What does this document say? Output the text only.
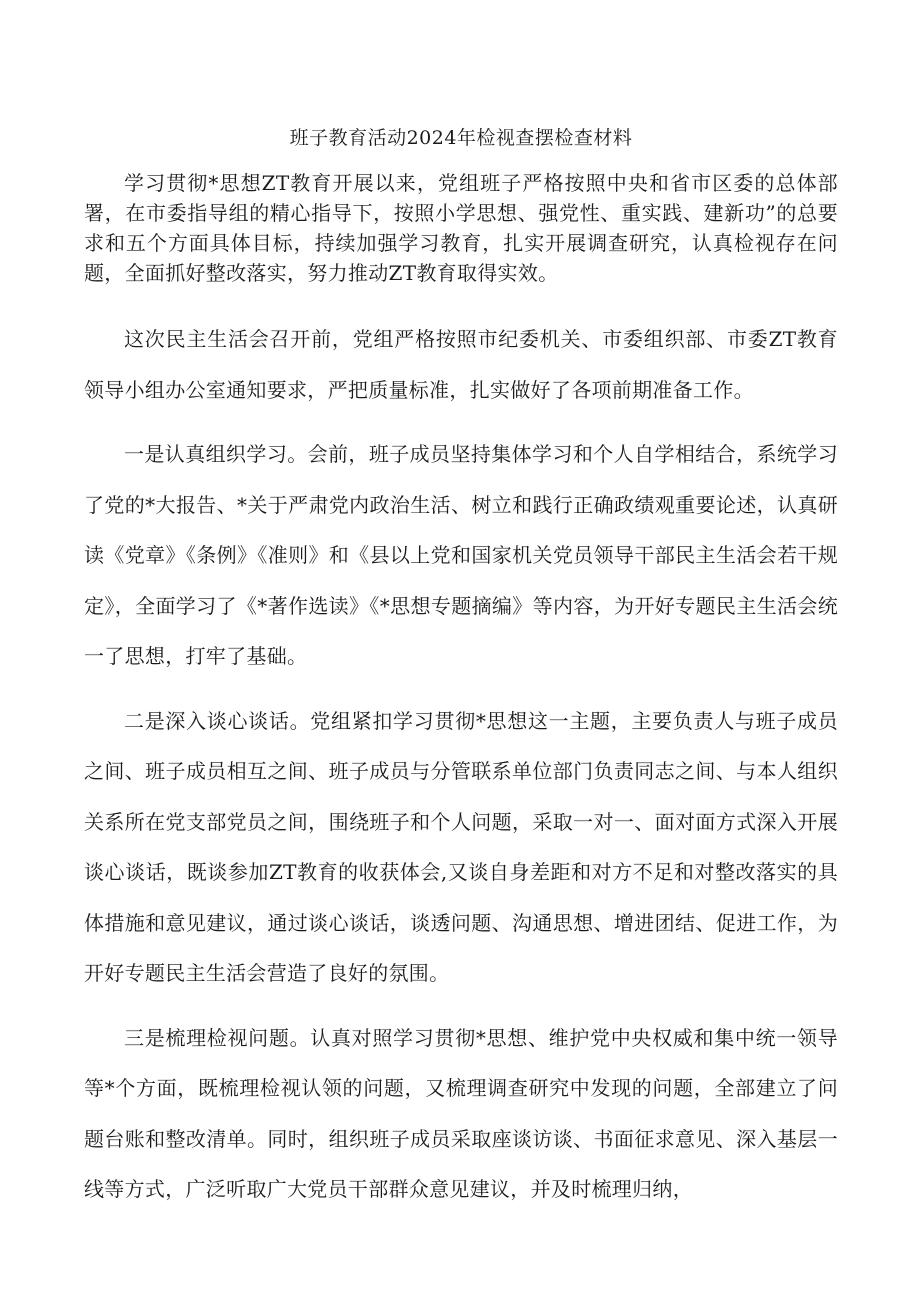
班子教育活动2024年检视查摆检查材料

学习贯彻*思想ZT教育开展以来，党组班子严格按照中央和省市区委的总体部署，在市委指导组的精心指导下，按照小学思想、强党性、重实践、建新功”的总要求和五个方面具体目标，持续加强学习教育，扎实开展调查研究，认真检视存在问题，全面抓好整改落实，努力推动ZT教育取得实效。

这次民主生活会召开前，党组严格按照市纪委机关、市委组织部、市委ZT教育领导小组办公室通知要求，严把质量标准，扎实做好了各项前期准备工作。

一是认真组织学习。会前，班子成员坚持集体学习和个人自学相结合，系统学习了党的*大报告、*关于严肃党内政治生活、树立和践行正确政绩观重要论述，认真研读《党章》《条例》《准则》和《县以上党和国家机关党员领导干部民主生活会若干规定》，全面学习了《*著作选读》《*思想专题摘编》等内容，为开好专题民主生活会统一了思想，打牢了基础。

二是深入谈心谈话。党组紧扣学习贯彻*思想这一主题，主要负责人与班子成员之间、班子成员相互之间、班子成员与分管联系单位部门负责同志之间、与本人组织关系所在党支部党员之间，围绕班子和个人问题，采取一对一、面对面方式深入开展谈心谈话，既谈参加ZT教育的收获体会,又谈自身差距和对方不足和对整改落实的具体措施和意见建议，通过谈心谈话，谈透问题、沟通思想、增进团结、促进工作，为开好专题民主生活会营造了良好的氛围。

三是梳理检视问题。认真对照学习贯彻*思想、维护党中央权威和集中统一领导等*个方面，既梳理检视认领的问题，又梳理调查研究中发现的问题，全部建立了问题台账和整改清单。同时，组织班子成员采取座谈访谈、书面征求意见、深入基层一线等方式，广泛听取广大党员干部群众意见建议，并及时梳理归纳，
